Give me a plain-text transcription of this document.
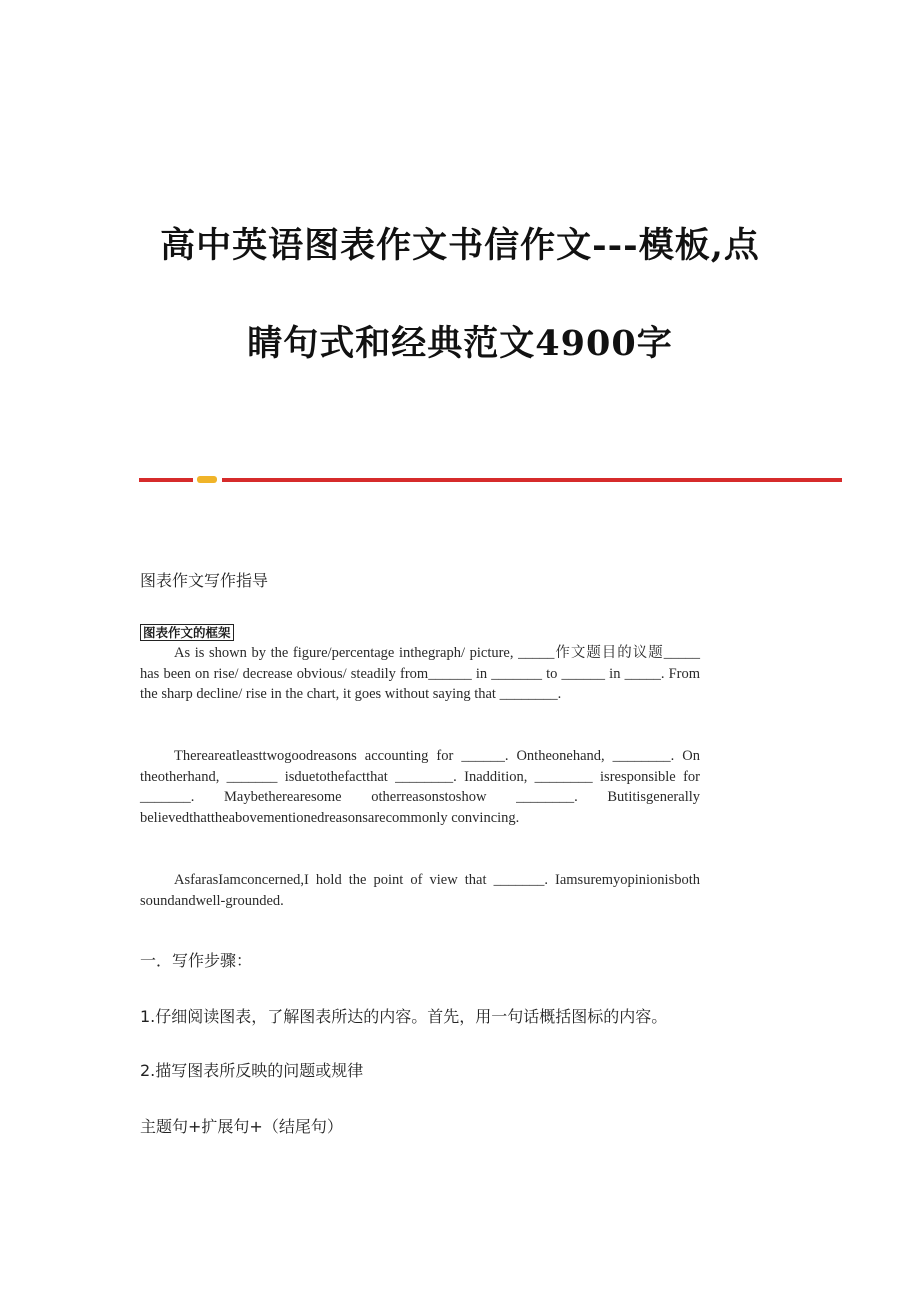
高中英语图表作文书信作文---模板,点
睛句式和经典范文4900字
图表作文写作指导
图表作文的框架
As is shown by the figure/percentage inthegraph/ picture, _____作文题目的议题_____ has been on rise/ decrease obvious/ steadily from______ in _______ to ______ in _____. From the sharp decline/ rise in the chart, it goes without saying that ________.
Thereareatleasttwogoodreasons accounting for ______. Ontheonehand, ________. On theotherhand, _______ isduetothefactthat ________. Inaddition, ________ isresponsible for _______. Maybetherearesome otherreasonstoshow ________. Butitisgenerally believedthattheabovementionedreasonsarecommonly convincing.
AsfarasIamconcerned,I hold the point of view that _______. Iamsuremyopinionisboth soundandwell-grounded.
一．写作步骤：
1.仔细阅读图表，了解图表所达的内容。首先，用一句话概括图标的内容。
2.描写图表所反映的问题或规律
主题句+扩展句+（结尾句）
